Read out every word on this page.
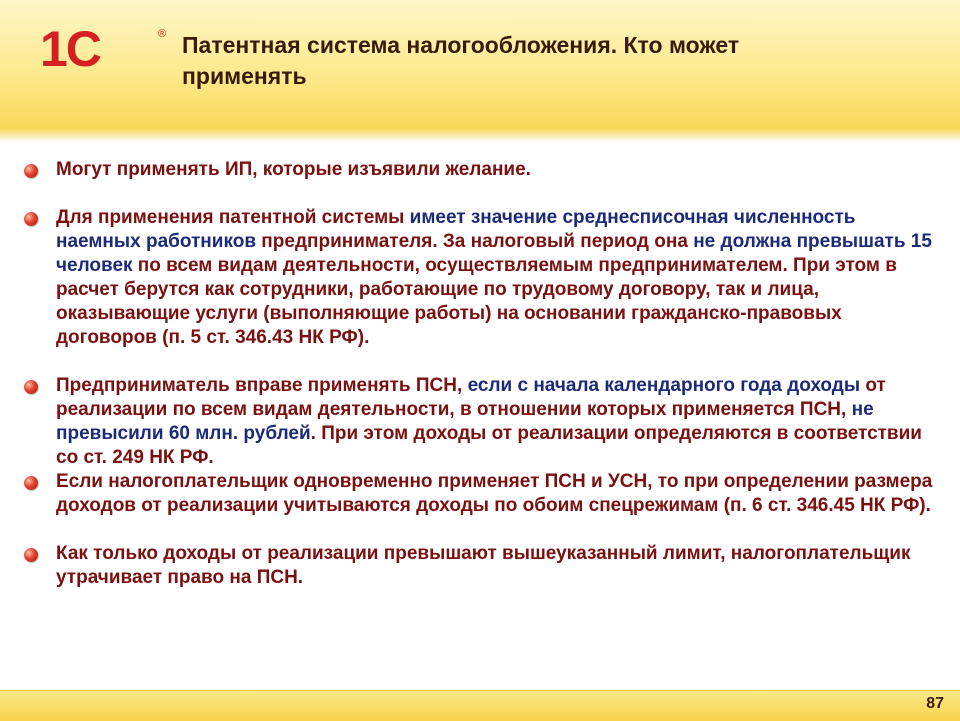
1С	® Патентная система налогообложения. Кто может применять
Могут применять ИП, которые изъявили желание.
Для применения патентной системы имеет значение среднесписочная численность наемных работников предпринимателя. За налоговый период она не должна превышать 15 человек по всем видам деятельности, осуществляемым предпринимателем. При этом в расчет берутся как сотрудники, работающие по трудовому договору, так и лица, оказывающие услуги (выполняющие работы) на основании гражданско-правовых договоров (п. 5 ст. 346.43 НК РФ).
Предприниматель вправе применять ПСН, если с начала календарного года доходы от реализации по всем видам деятельности, в отношении которых применяется ПСН, не превысили 60 млн. рублей. При этом доходы от реализации определяются в соответствии со ст. 249 НК РФ.
Если налогоплательщик одновременно применяет ПСН и УСН, то при определении размера доходов от реализации учитываются доходы по обоим спецрежимам (п. 6 ст. 346.45 НК РФ).
Как только доходы от реализации превышают вышеуказанный лимит, налогоплательщик утрачивает право на ПСН.
87
